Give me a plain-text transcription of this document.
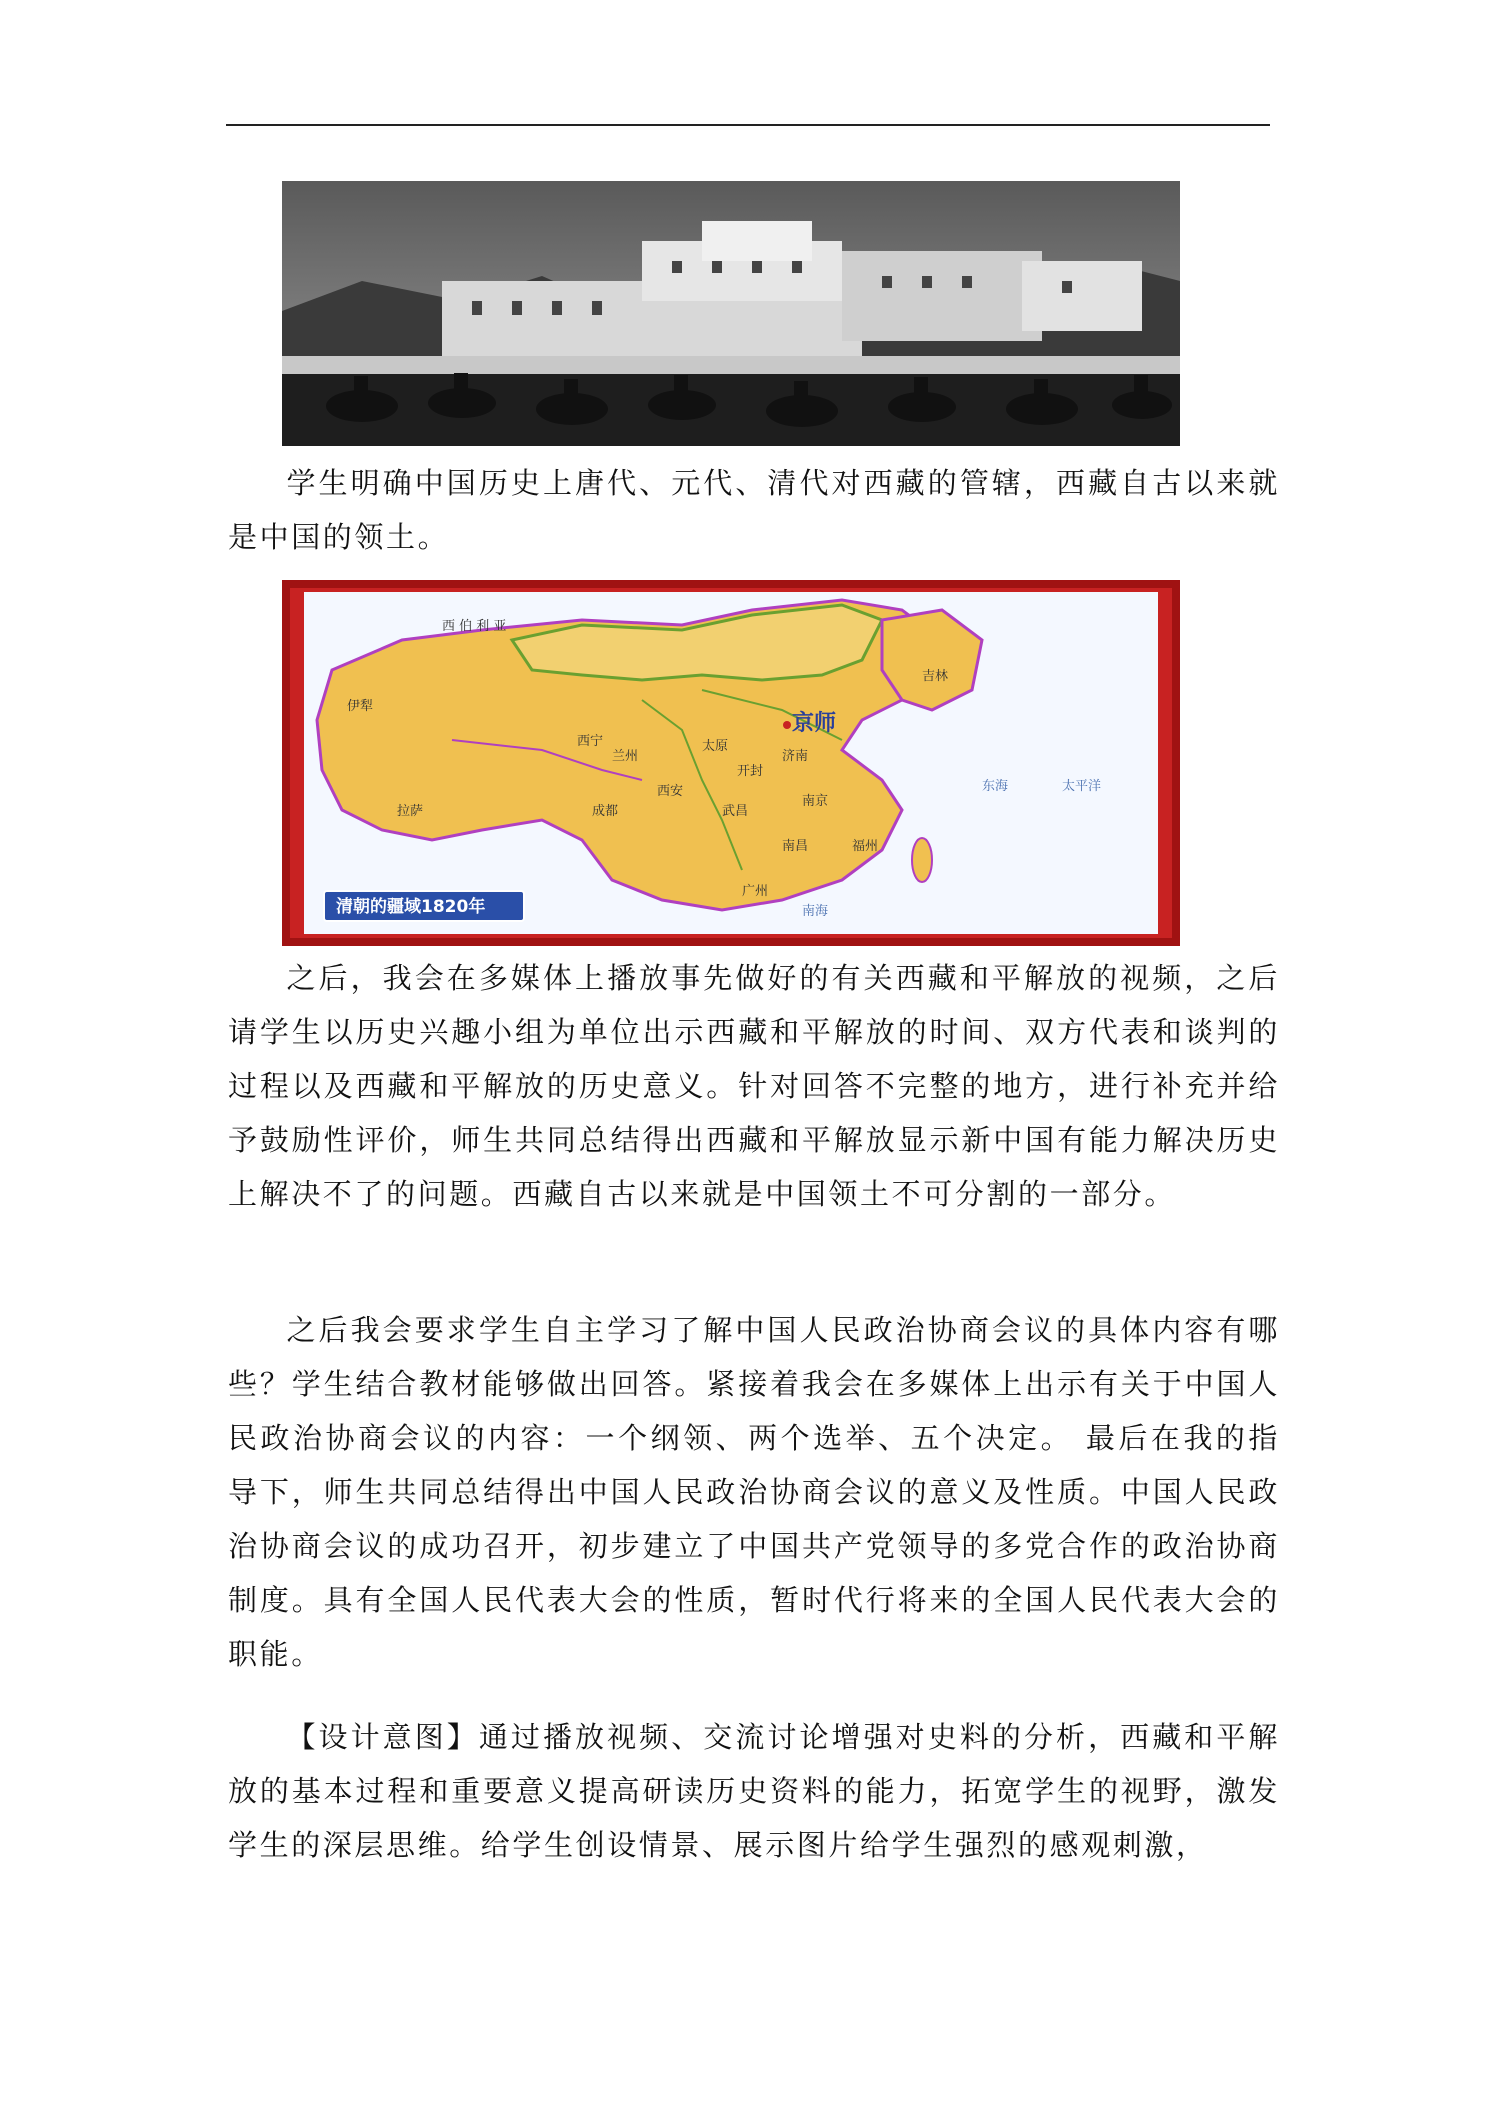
学生明确中国历史上唐代、元代、清代对西藏的管辖，西藏自古以来就是中国的领土。

西 伯 利 亚
伊犁
拉萨	成都
西安
武昌
南京
广州
开封
太原
兰州
西宁
济南
福州
南昌
吉林
东海
南海
太平洋
京师
清朝的疆域1820年

之后，我会在多媒体上播放事先做好的有关西藏和平解放的视频，之后请学生以历史兴趣小组为单位出示西藏和平解放的时间、双方代表和谈判的过程以及西藏和平解放的历史意义。针对回答不完整的地方，进行补充并给予鼓励性评价，师生共同总结得出西藏和平解放显示新中国有能力解决历史上解决不了的问题。西藏自古以来就是中国领土不可分割的一部分。

之后我会要求学生自主学习了解中国人民政治协商会议的具体内容有哪些？学生结合教材能够做出回答。紧接着我会在多媒体上出示有关于中国人民政治协商会议的内容：一个纲领、两个选举、五个决定。 最后在我的指导下，师生共同总结得出中国人民政治协商会议的意义及性质。中国人民政治协商会议的成功召开，初步建立了中国共产党领导的多党合作的政治协商制度。具有全国人民代表大会的性质，暂时代行将来的全国人民代表大会的职能。

【设计意图】通过播放视频、交流讨论增强对史料的分析，西藏和平解放的基本过程和重要意义提高研读历史资料的能力，拓宽学生的视野，激发学生的深层思维。给学生创设情景、展示图片给学生强烈的感观刺激，
